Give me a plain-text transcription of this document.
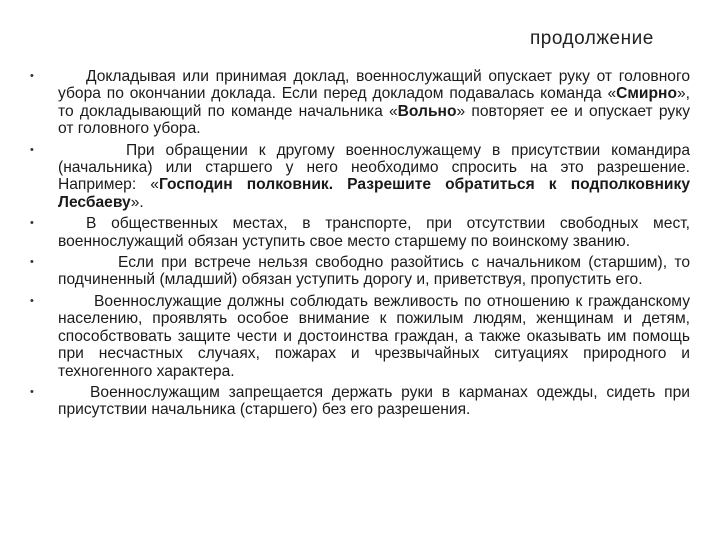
продолжение
•	Докладывая или принимая доклад, военнослужащий опускает руку от головного убора по окончании доклада. Если перед докладом подавалась команда «Смирно», то докладывающий по команде начальника «Вольно» повторяет ее и опускает руку от головного убора.
•	При обращении к другому военнослужащему в присутствии командира (начальника) или старшего у него необходимо спросить на это разрешение. Например: «Господин полковник. Разрешите обратиться к подполковнику Лесбаеву».
•	В общественных местах, в транспорте, при отсутствии свободных мест, военнослужащий обязан уступить свое место старшему по воинскому званию.
•	Если при встрече нельзя свободно разойтись с начальником (старшим), то подчиненный (младший) обязан уступить дорогу и, приветствуя, пропустить его.
•	Военнослужащие должны соблюдать вежливость по отношению к гражданскому населению, проявлять особое внимание к пожилым людям, женщинам и детям, способствовать защите чести и достоинства граждан, а также оказывать им помощь при несчастных случаях, пожарах и чрезвычайных ситуациях природного и техногенного характера.
•	Военнослужащим запрещается держать руки в карманах одежды, сидеть при присутствии начальника (старшего) без его разрешения.
